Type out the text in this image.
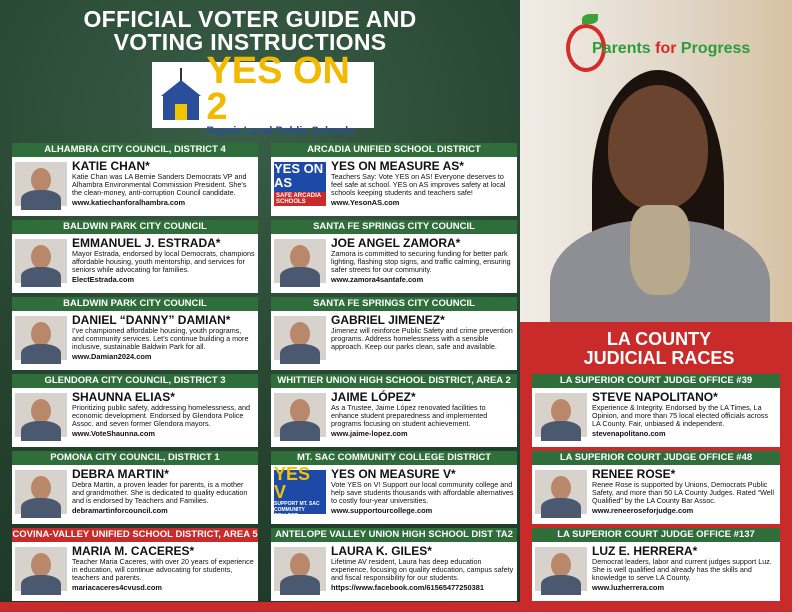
OFFICIAL VOTER GUIDE AND
VOTING INSTRUCTIONS
YES ON 2
Repair Local Public Schools
Parents for Progress
LA COUNTY
JUDICIAL RACES
ALHAMBRA CITY COUNCIL, DISTRICT 4
KATIE CHAN*
Katie Chan was LA Bernie Sanders Democrats VP and Alhambra Environmental Commission President. She's the clean-money, anti-corruption Council candidate.
www.katiechanforalhambra.com
BALDWIN PARK CITY COUNCIL
EMMANUEL J. ESTRADA*
Mayor Estrada, endorsed by local Democrats, champions affordable housing, youth mentorship, and services for seniors while advocating for families.
ElectEstrada.com
BALDWIN PARK CITY COUNCIL
DANIEL “DANNY” DAMIAN*
I’ve championed affordable housing, youth programs, and community services. Let’s continue building a more inclusive, sustainable Baldwin Park for all.
www.Damian2024.com
GLENDORA CITY COUNCIL, DISTRICT 3
SHAUNNA ELIAS*
Prioritizing public safety, addressing homelessness, and economic development. Endorsed by Glendora Police Assoc. and seven former Glendora mayors.
www.VoteShaunna.com
POMONA CITY COUNCIL, DISTRICT 1
DEBRA MARTIN*
Debra Martin, a proven leader for parents, is a mother and grandmother. She is dedicated to quality education and is endorsed by Teachers and Families.
debramartinforcouncil.com
COVINA-VALLEY UNIFIED SCHOOL DISTRICT, AREA 5
MARIA M. CACERES*
Teacher Maria Caceres, with over 20 years of experience in education, will continue advocating for students, teachers and parents.
mariacaceres4cvusd.com
ARCADIA UNIFIED SCHOOL DISTRICT
YES ON AS
SAFE ARCADIA SCHOOLS
YES ON MEASURE AS*
Teachers Say: Vote YES on AS! Everyone deserves to feel safe at school. YES on AS improves safety at local schools keeping students and teachers safe!
www.YesonAS.com
SANTA FE SPRINGS CITY COUNCIL
JOE ANGEL ZAMORA*
Zamora is committed to securing funding for better park lighting, flashing stop signs, and traffic calming, ensuring safer streets for our community.
www.zamora4santafe.com
SANTA FE SPRINGS CITY COUNCIL
GABRIEL JIMENEZ*
Jimenez will reinforce Public Safety and crime prevention programs. Address homelessness with a sensible approach. Keep our parks clean, safe and available.
WHITTIER UNION HIGH SCHOOL DISTRICT, AREA 2
JAIME LÓPEZ*
As a Trustee, Jaime López renovated facilities to enhance student preparedness and implemented programs focusing on student achievement.
www.jaime-lopez.com
MT. SAC COMMUNITY COLLEGE DISTRICT
YES V
SUPPORT MT. SAC COMMUNITY COLLEGE
YES ON MEASURE V*
Vote YES on V! Support our local community college and help save students thousands with affordable alternatives to costly four-year universities.
www.supportourcollege.com
ANTELOPE VALLEY UNION HIGH SCHOOL DIST TA2
LAURA K. GILES*
Lifetime AV resident, Laura has deep education experience, focusing on quality education, campus safety and fiscal responsibility for our students.
https://www.facebook.com/61565477250381
LA SUPERIOR COURT JUDGE OFFICE #39
STEVE NAPOLITANO*
Experience & Integrity. Endorsed by the LA Times, La Opinion, and more than 75 local elected officials across LA County. Fair, unbiased & independent.
stevenapolitano.com
LA SUPERIOR COURT JUDGE OFFICE #48
RENEE ROSE*
Renee Rose is supported by Unions, Democrats Public Safety, and more than 50 LA County Judges. Rated “Well Qualified” by the LA County Bar Assoc.
www.reneeroseforjudge.com
LA SUPERIOR COURT JUDGE OFFICE #137
LUZ E. HERRERA*
Democrat leaders, labor and current judges support Luz. She is well qualified and already has the skills and knowledge to serve LA County.
www.luzherrera.com
